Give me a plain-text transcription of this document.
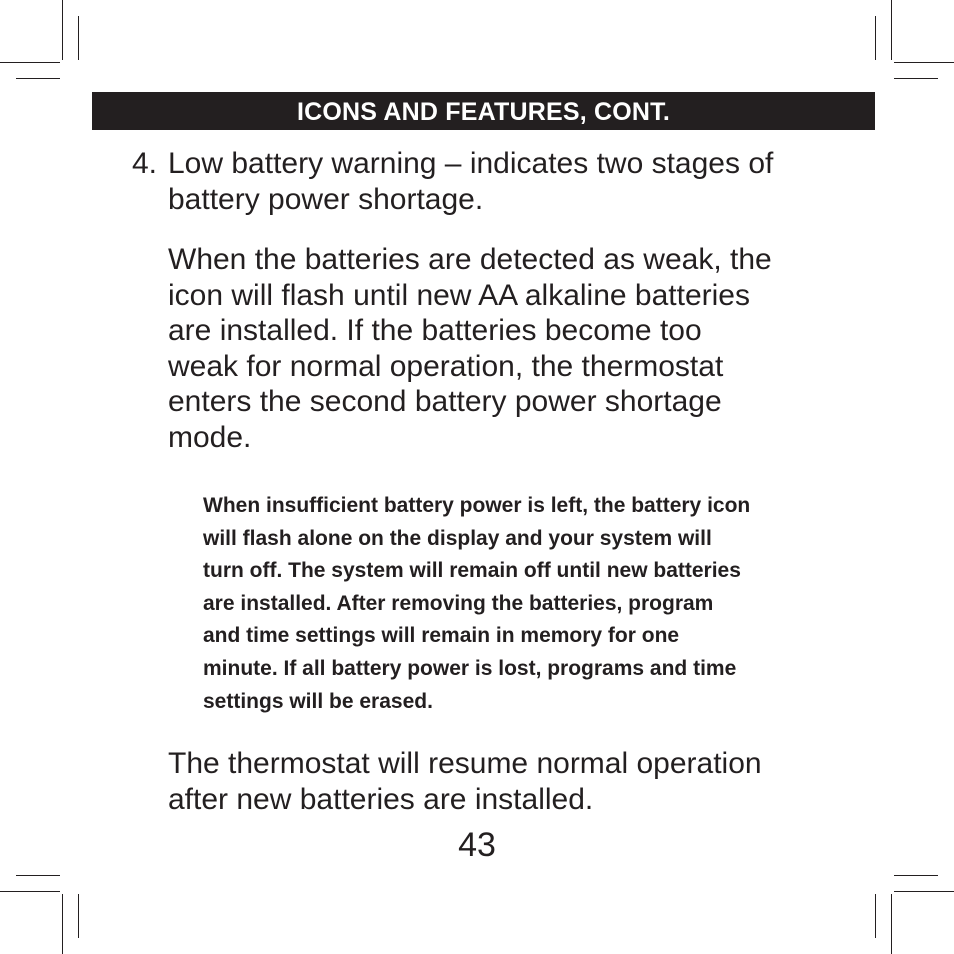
ICONS AND FEATURES, CONT.
4. Low battery warning – indicates two stages of
battery power shortage.
When the batteries are detected as weak, the
icon will flash until new AA alkaline batteries
are installed. If the batteries become too
weak for normal operation, the thermostat
enters the second battery power shortage
mode.
When insufficient battery power is left, the battery icon
will flash alone on the display and your system will
turn off. The system will remain off until new batteries
are installed. After removing the batteries, program
and time settings will remain in memory for one
minute. If all battery power is lost, programs and time
settings will be erased.
The thermostat will resume normal operation
after new batteries are installed.
43
